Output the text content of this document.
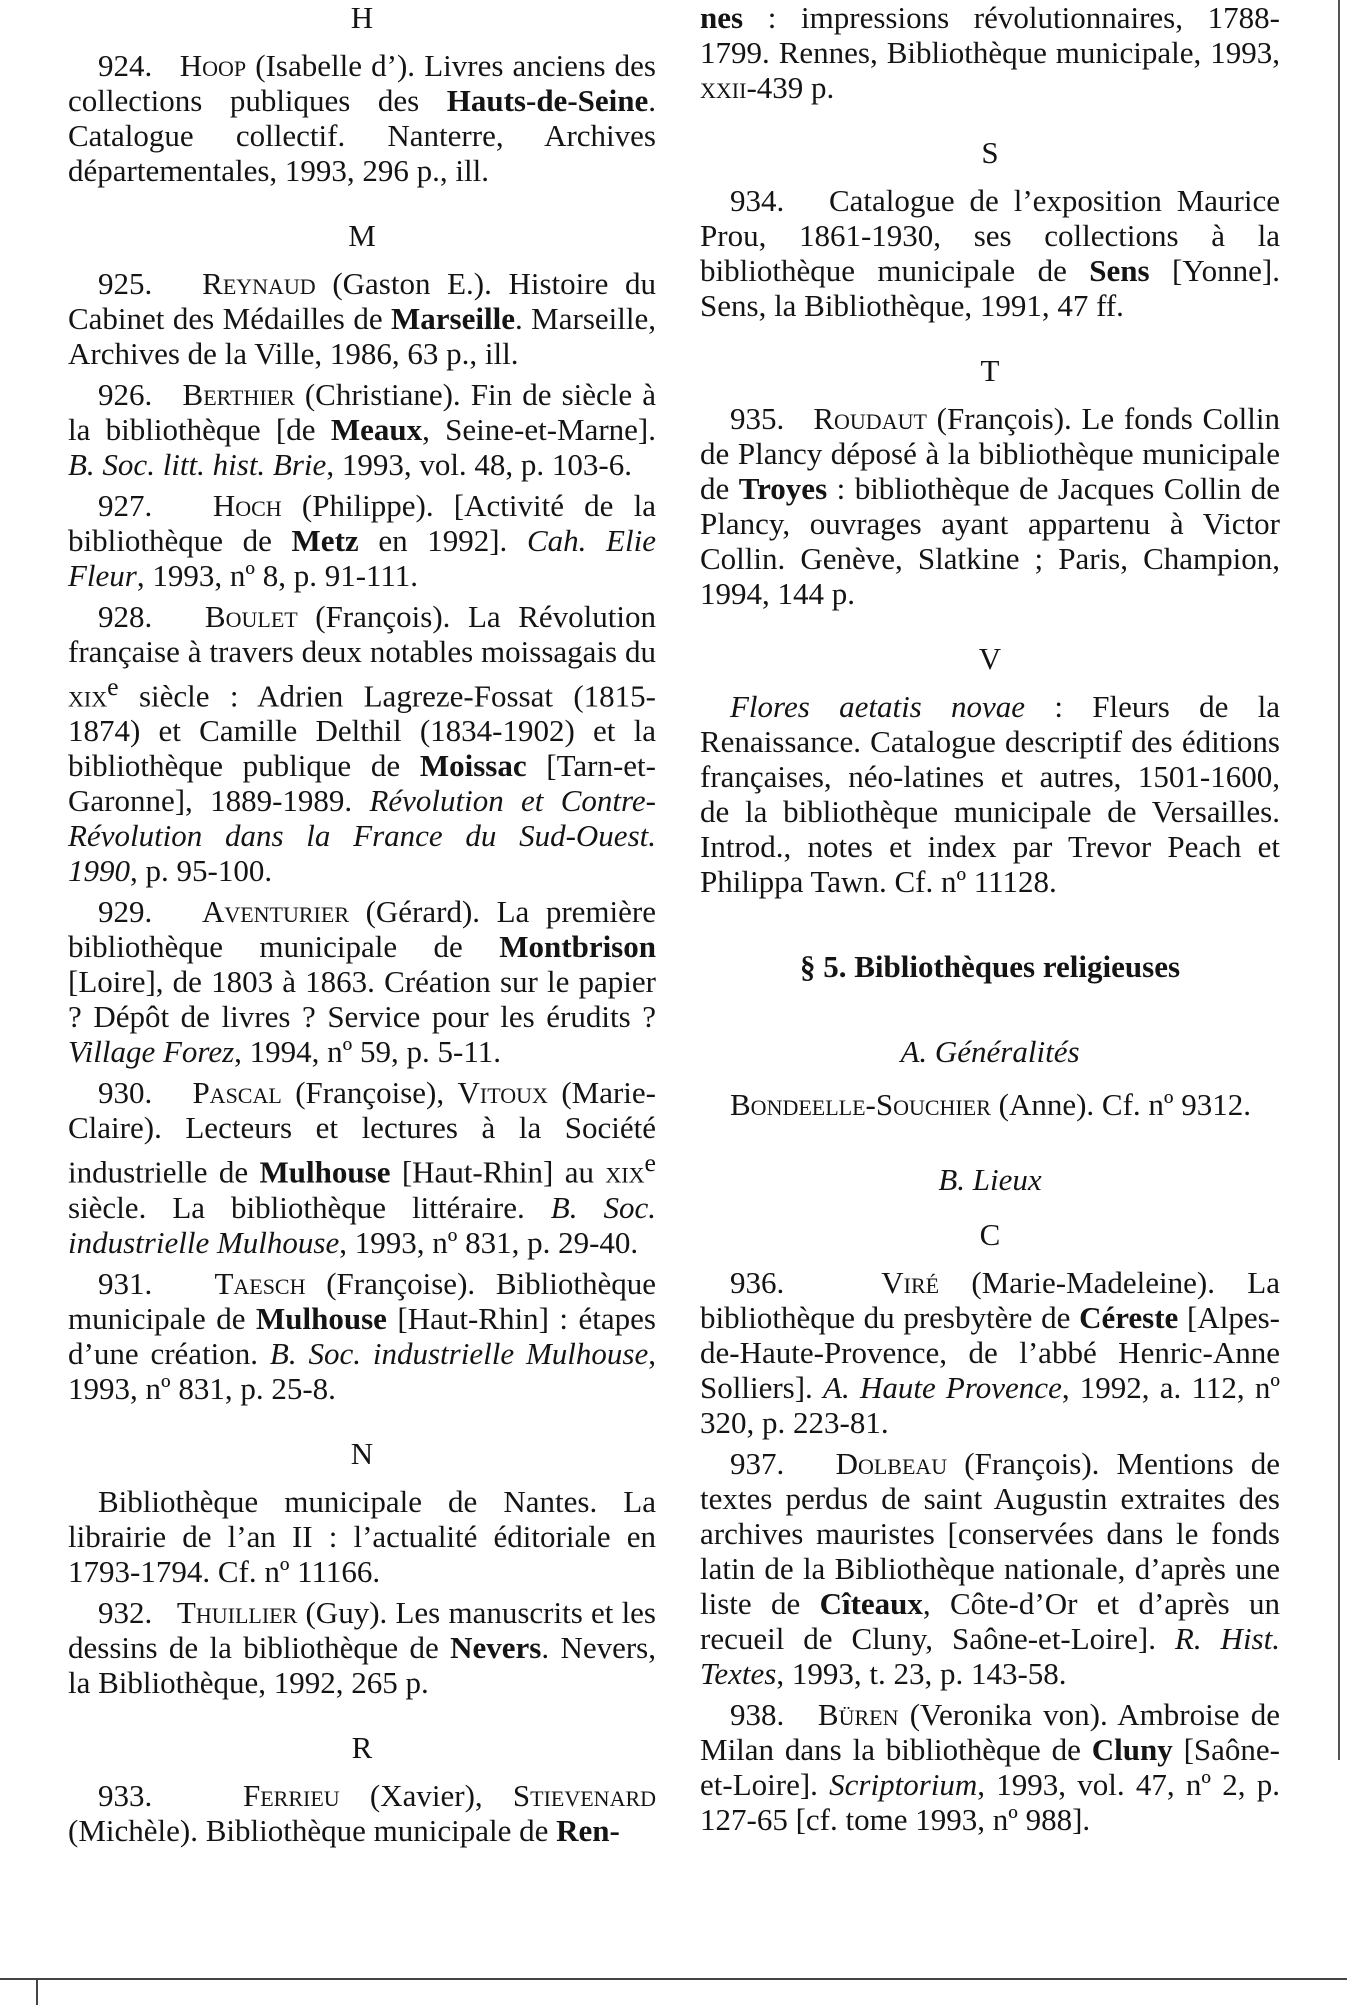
H

924. Hoop (Isabelle d’). Livres anciens des collections publiques des Hauts-de-Seine. Catalogue collectif. Nanterre, Archives départementales, 1993, 296 p., ill.

M

925. Reynaud (Gaston E.). Histoire du Cabinet des Médailles de Marseille. Marseille, Archives de la Ville, 1986, 63 p., ill.

926. Berthier (Christiane). Fin de siècle à la bibliothèque [de Meaux, Seine-et-Marne]. B. Soc. litt. hist. Brie, 1993, vol. 48, p. 103-6.

927. Hoch (Philippe). [Activité de la bibliothèque de Metz en 1992]. Cah. Elie Fleur, 1993, nº 8, p. 91-111.

928. Boulet (François). La Révolution française à travers deux notables moissagais du xix$^e$ siècle : Adrien Lagreze-Fossat (1815-1874) et Camille Delthil (1834-1902) et la bibliothèque publique de Moissac [Tarn-et-Garonne], 1889-1989. Révolution et Contre-Révolution dans la France du Sud-Ouest. 1990, p. 95-100.

929. Aventurier (Gérard). La première bibliothèque municipale de Montbrison [Loire], de 1803 à 1863. Création sur le papier ? Dépôt de livres ? Service pour les érudits ? Village Forez, 1994, nº 59, p. 5-11.

930. Pascal (Françoise), Vitoux (Marie-Claire). Lecteurs et lectures à la Société industrielle de Mulhouse [Haut-Rhin] au xix$^e$ siècle. La bibliothèque littéraire. B. Soc. industrielle Mulhouse, 1993, nº 831, p. 29-40.

931. Taesch (Françoise). Bibliothèque municipale de Mulhouse [Haut-Rhin] : étapes d’une création. B. Soc. industrielle Mulhouse, 1993, nº 831, p. 25-8.

N

Bibliothèque municipale de Nantes. La librairie de l’an II : l’actualité éditoriale en 1793-1794. Cf. nº 11166.

932. Thuillier (Guy). Les manuscrits et les dessins de la bibliothèque de Nevers. Nevers, la Bibliothèque, 1992, 265 p.

R

933.	Ferrieu (Xavier), Stievenard (Michèle). Bibliothèque municipale de Ren-

nes : impressions révolutionnaires, 1788-1799. Rennes, Bibliothèque municipale, 1993, xxii-439 p.

S

934. Catalogue de l’exposition Maurice Prou, 1861-1930, ses collections à la bibliothèque municipale de Sens [Yonne]. Sens, la Bibliothèque, 1991, 47 ff.

T

935. Roudaut (François). Le fonds Collin de Plancy déposé à la bibliothèque municipale de Troyes : bibliothèque de Jacques Collin de Plancy, ouvrages ayant appartenu à Victor Collin. Genève, Slatkine ; Paris, Champion, 1994, 144 p.

V

Flores aetatis novae : Fleurs de la Renaissance. Catalogue descriptif des éditions françaises, néo-latines et autres, 1501-1600, de la bibliothèque municipale de Versailles. Introd., notes et index par Trevor Peach et Philippa Tawn. Cf. nº 11128.

§ 5. Bibliothèques religieuses

A. Généralités

Bondeelle-Souchier (Anne). Cf. nº 9312.

B. Lieux

C

936.	Viré (Marie-Madeleine). La bibliothèque du presbytère de Céreste [Alpes-de-Haute-Provence, de l’abbé Henric-Anne Solliers]. A. Haute Provence, 1992, a. 112, nº 320, p. 223-81.

937. Dolbeau (François). Mentions de textes perdus de saint Augustin extraites des archives mauristes [conservées dans le fonds latin de la Bibliothèque nationale, d’après une liste de Cîteaux, Côte-d’Or et d’après un recueil de Cluny, Saône-et-Loire]. R. Hist. Textes, 1993, t. 23, p. 143-58.

938. Büren (Veronika von). Ambroise de Milan dans la bibliothèque de Cluny [Saône-et-Loire]. Scriptorium, 1993, vol. 47, nº 2, p. 127-65 [cf. tome 1993, nº 988].
